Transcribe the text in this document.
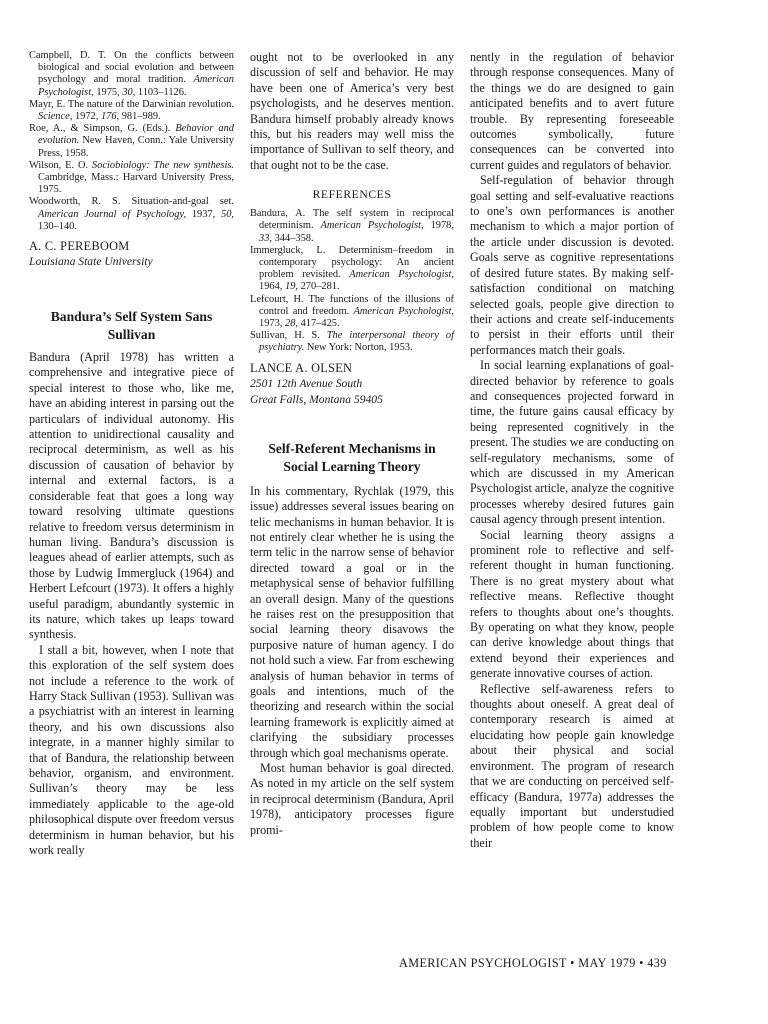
Campbell, D. T. On the conflicts between biological and social evolution and between psychology and moral tradition. American Psychologist, 1975, 30, 1103–1126.

Mayr, E. The nature of the Darwinian revolution. Science, 1972, 176, 981–989.

Roe, A., & Simpson, G. (Eds.). Behavior and evolution. New Haven, Conn.: Yale University Press, 1958.

Wilson, E. O. Sociobiology: The new synthesis. Cambridge, Mass.: Harvard University Press, 1975.

Woodworth, R. S. Situation-and-goal set. American Journal of Psychology, 1937, 50, 130–140.

A. C. PEREBOOM
Louisiana State University
Bandura’s Self System Sans Sullivan

Bandura (April 1978) has written a comprehensive and integrative piece of special interest to those who, like me, have an abiding interest in parsing out the particulars of individual autonomy. His attention to unidirectional causality and reciprocal determinism, as well as his discussion of causation of behavior by internal and external factors, is a considerable feat that goes a long way toward resolving ultimate questions relative to freedom versus determinism in human living. Bandura’s discussion is leagues ahead of earlier attempts, such as those by Ludwig Immergluck (1964) and Herbert Lefcourt (1973). It offers a highly useful paradigm, abundantly systemic in its nature, which takes up leaps toward synthesis.

I stall a bit, however, when I note that this exploration of the self system does not include a reference to the work of Harry Stack Sullivan (1953). Sullivan was a psychiatrist with an interest in learning theory, and his own discussions also integrate, in a manner highly similar to that of Bandura, the relationship between behavior, organism, and environment. Sullivan’s theory may be less immediately applicable to the age-old philosophical dispute over freedom versus determinism in human behavior, but his work really

ought not to be overlooked in any discussion of self and behavior. He may have been one of America’s very best psychologists, and he deserves mention. Bandura himself probably already knows this, but his readers may well miss the importance of Sullivan to self theory, and that ought not to be the case.

REFERENCES

Bandura, A. The self system in reciprocal determinism. American Psychologist, 1978, 33, 344–358.

Immergluck, L. Determinism–freedom in contemporary psychology: An ancient problem revisited. American Psychologist, 1964, 19, 270–281.

Lefcourt, H. The functions of the illusions of control and freedom. American Psychologist, 1973, 28, 417–425.

Sullivan, H. S. The interpersonal theory of psychiatry. New York: Norton, 1953.

LANCE A. OLSEN
2501 12th Avenue South
Great Falls, Montana 59405
Self-Referent Mechanisms in Social Learning Theory

In his commentary, Rychlak (1979, this issue) addresses several issues bearing on telic mechanisms in human behavior. It is not entirely clear whether he is using the term telic in the narrow sense of behavior directed toward a goal or in the metaphysical sense of behavior fulfilling an overall design. Many of the questions he raises rest on the presupposition that social learning theory disavows the purposive nature of human agency. I do not hold such a view. Far from eschewing analysis of human behavior in terms of goals and intentions, much of the theorizing and research within the social learning framework is explicitly aimed at clarifying the subsidiary processes through which goal mechanisms operate.

Most human behavior is goal directed. As noted in my article on the self system in reciprocal determinism (Bandura, April 1978), anticipatory processes figure promi-

nently in the regulation of behavior through response consequences. Many of the things we do are designed to gain anticipated benefits and to avert future trouble. By representing foreseeable outcomes symbolically, future consequences can be converted into current guides and regulators of behavior.

Self-regulation of behavior through goal setting and self-evaluative reactions to one’s own performances is another mechanism to which a major portion of the article under discussion is devoted. Goals serve as cognitive representations of desired future states. By making self-satisfaction conditional on matching selected goals, people give direction to their actions and create self-inducements to persist in their efforts until their performances match their goals.

In social learning explanations of goal-directed behavior by reference to goals and consequences projected forward in time, the future gains causal efficacy by being represented cognitively in the present. The studies we are conducting on self-regulatory mechanisms, some of which are discussed in my American Psychologist article, analyze the cognitive processes whereby desired futures gain causal agency through present intention.

Social learning theory assigns a prominent role to reflective and self-referent thought in human functioning. There is no great mystery about what reflective means. Reflective thought refers to thoughts about one’s thoughts. By operating on what they know, people can derive knowledge about things that extend beyond their experiences and generate innovative courses of action.

Reflective self-awareness refers to thoughts about oneself. A great deal of contemporary research is aimed at elucidating how people gain knowledge about their physical and social environment. The program of research that we are conducting on perceived self-efficacy (Bandura, 1977a) addresses the equally important but understudied problem of how people come to know their

AMERICAN PSYCHOLOGIST • MAY 1979 • 439
